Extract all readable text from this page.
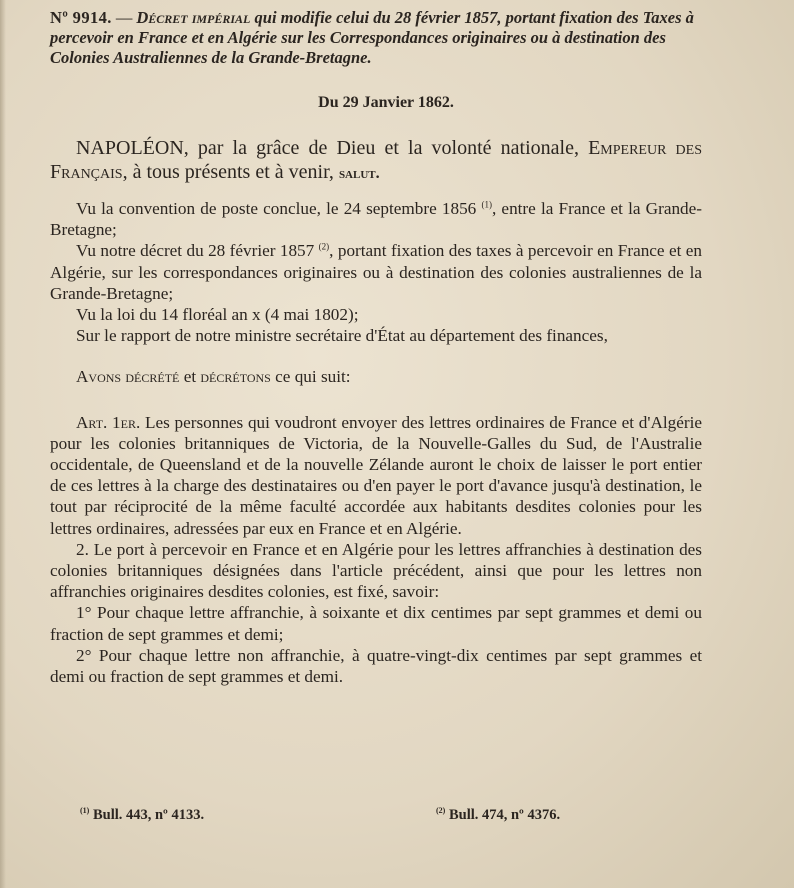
Nº 9914. — Décret impérial qui modifie celui du 28 février 1857, portant fixation des Taxes à percevoir en France et en Algérie sur les Correspondances originaires ou à destination des Colonies Australiennes de la Grande-Bretagne.
Du 29 Janvier 1862.

NAPOLÉON, par la grâce de Dieu et la volonté nationale, Empereur des Français, à tous présents et à venir, salut.

Vu la convention de poste conclue, le 24 septembre 1856 $^{(1)}$, entre la France et la Grande-Bretagne;

Vu notre décret du 28 février 1857 $^{(2)}$, portant fixation des taxes à percevoir en France et en Algérie, sur les correspondances originaires ou à destination des colonies australiennes de la Grande-Bretagne;

Vu la loi du 14 floréal an x (4 mai 1802);

Sur le rapport de notre ministre secrétaire d'État au département des finances,

Avons décrété et décrétons ce qui suit:

Art. 1er. Les personnes qui voudront envoyer des lettres ordinaires de France et d'Algérie pour les colonies britanniques de Victoria, de la Nouvelle-Galles du Sud, de l'Australie occidentale, de Queensland et de la nouvelle Zélande auront le choix de laisser le port entier de ces lettres à la charge des destinataires ou d'en payer le port d'avance jusqu'à destination, le tout par réciprocité de la même faculté accordée aux habitants desdites colonies pour les lettres ordinaires, adressées par eux en France et en Algérie.

2. Le port à percevoir en France et en Algérie pour les lettres affranchies à destination des colonies britanniques désignées dans l'article précédent, ainsi que pour les lettres non affranchies originaires desdites colonies, est fixé, savoir:

1° Pour chaque lettre affranchie, à soixante et dix centimes par sept grammes et demi ou fraction de sept grammes et demi;

2° Pour chaque lettre non affranchie, à quatre-vingt-dix centimes par sept grammes et demi ou fraction de sept grammes et demi.

$^{(1)}$ Bull. 443, nº 4133.	$^{(2)}$ Bull. 474, nº 4376.
